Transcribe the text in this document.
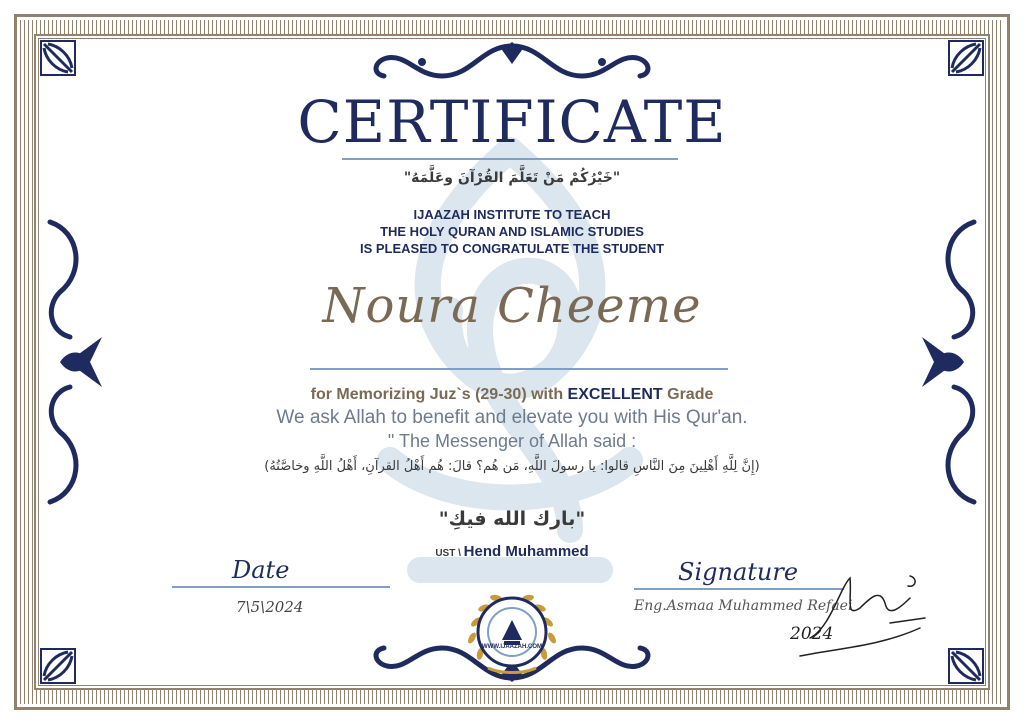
CERTIFICATE
"خَيْرُكُمْ مَنْ تَعَلَّمَ القُرْآنَ وعَلَّمَهُ"
IJAAZAH INSTITUTE TO TEACH
THE HOLY QURAN AND ISLAMIC STUDIES
IS PLEASED TO CONGRATULATE THE STUDENT
Noura Cheeme
for Memorizing Juz`s (29-30) with EXCELLENT Grade
We ask Allah to benefit and elevate you with His Qur'an.
" The Messenger of Allah said :
(إِنَّ لِلَّهِ أَهْلِينَ مِنَ النَّاسِ قالوا: يا رسولَ اللَّهِ، مَن هُم؟ قالَ: هُم أَهْلُ القرآنِ، أَهْلُ اللَّهِ وخاصَّتُهُ)
"بارك الله فيكِ"
UST \ Hend Muhammed
Date
7\5\2024
Signature
Eng.Asmaa Muhammed Refaei
2024
WWW.IJAAZAH.COM
